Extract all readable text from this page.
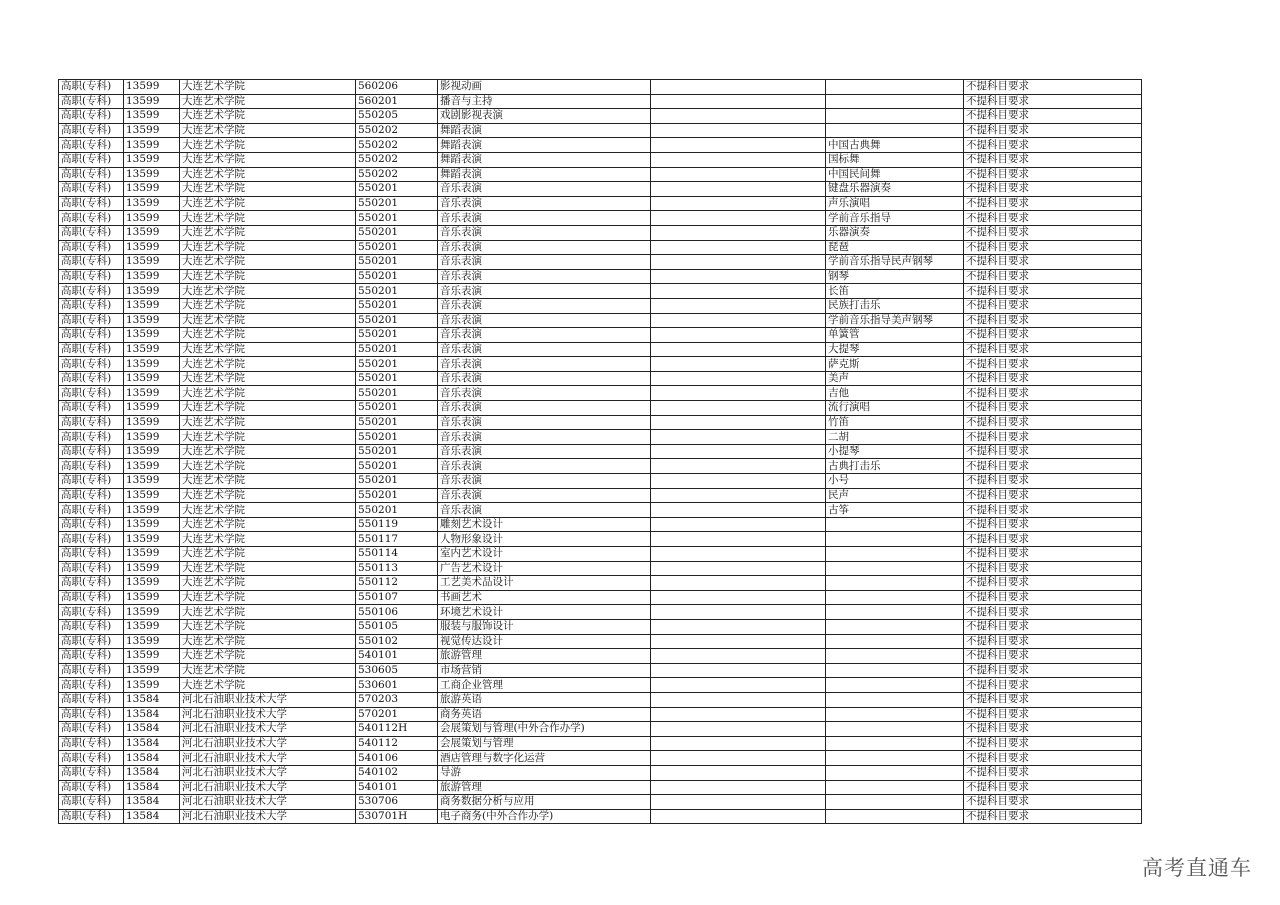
高职(专科)	13599	大连艺术学院	560206	影视动画			不提科目要求
高职(专科)	13599	大连艺术学院	560201	播音与主持			不提科目要求
高职(专科)	13599	大连艺术学院	550205	戏剧影视表演			不提科目要求
高职(专科)	13599	大连艺术学院	550202	舞蹈表演			不提科目要求
高职(专科)	13599	大连艺术学院	550202	舞蹈表演		中国古典舞	不提科目要求
高职(专科)	13599	大连艺术学院	550202	舞蹈表演		国标舞	不提科目要求
高职(专科)	13599	大连艺术学院	550202	舞蹈表演		中国民间舞	不提科目要求
高职(专科)	13599	大连艺术学院	550201	音乐表演		键盘乐器演奏	不提科目要求
高职(专科)	13599	大连艺术学院	550201	音乐表演		声乐演唱	不提科目要求
高职(专科)	13599	大连艺术学院	550201	音乐表演		学前音乐指导	不提科目要求
高职(专科)	13599	大连艺术学院	550201	音乐表演		乐器演奏	不提科目要求
高职(专科)	13599	大连艺术学院	550201	音乐表演		琵琶	不提科目要求
高职(专科)	13599	大连艺术学院	550201	音乐表演		学前音乐指导民声钢琴	不提科目要求
高职(专科)	13599	大连艺术学院	550201	音乐表演		钢琴	不提科目要求
高职(专科)	13599	大连艺术学院	550201	音乐表演		长笛	不提科目要求
高职(专科)	13599	大连艺术学院	550201	音乐表演		民族打击乐	不提科目要求
高职(专科)	13599	大连艺术学院	550201	音乐表演		学前音乐指导美声钢琴	不提科目要求
高职(专科)	13599	大连艺术学院	550201	音乐表演		单簧管	不提科目要求
高职(专科)	13599	大连艺术学院	550201	音乐表演		大提琴	不提科目要求
高职(专科)	13599	大连艺术学院	550201	音乐表演		萨克斯	不提科目要求
高职(专科)	13599	大连艺术学院	550201	音乐表演		美声	不提科目要求
高职(专科)	13599	大连艺术学院	550201	音乐表演		吉他	不提科目要求
高职(专科)	13599	大连艺术学院	550201	音乐表演		流行演唱	不提科目要求
高职(专科)	13599	大连艺术学院	550201	音乐表演		竹笛	不提科目要求
高职(专科)	13599	大连艺术学院	550201	音乐表演		二胡	不提科目要求
高职(专科)	13599	大连艺术学院	550201	音乐表演		小提琴	不提科目要求
高职(专科)	13599	大连艺术学院	550201	音乐表演		古典打击乐	不提科目要求
高职(专科)	13599	大连艺术学院	550201	音乐表演		小号	不提科目要求
高职(专科)	13599	大连艺术学院	550201	音乐表演		民声	不提科目要求
高职(专科)	13599	大连艺术学院	550201	音乐表演		古筝	不提科目要求
高职(专科)	13599	大连艺术学院	550119	雕刻艺术设计			不提科目要求
高职(专科)	13599	大连艺术学院	550117	人物形象设计			不提科目要求
高职(专科)	13599	大连艺术学院	550114	室内艺术设计			不提科目要求
高职(专科)	13599	大连艺术学院	550113	广告艺术设计			不提科目要求
高职(专科)	13599	大连艺术学院	550112	工艺美术品设计			不提科目要求
高职(专科)	13599	大连艺术学院	550107	书画艺术			不提科目要求
高职(专科)	13599	大连艺术学院	550106	环境艺术设计			不提科目要求
高职(专科)	13599	大连艺术学院	550105	服装与服饰设计			不提科目要求
高职(专科)	13599	大连艺术学院	550102	视觉传达设计			不提科目要求
高职(专科)	13599	大连艺术学院	540101	旅游管理			不提科目要求
高职(专科)	13599	大连艺术学院	530605	市场营销			不提科目要求
高职(专科)	13599	大连艺术学院	530601	工商企业管理			不提科目要求
高职(专科)	13584	河北石油职业技术大学	570203	旅游英语			不提科目要求
高职(专科)	13584	河北石油职业技术大学	570201	商务英语			不提科目要求
高职(专科)	13584	河北石油职业技术大学	540112H	会展策划与管理(中外合作办学)			不提科目要求
高职(专科)	13584	河北石油职业技术大学	540112	会展策划与管理			不提科目要求
高职(专科)	13584	河北石油职业技术大学	540106	酒店管理与数字化运营			不提科目要求
高职(专科)	13584	河北石油职业技术大学	540102	导游			不提科目要求
高职(专科)	13584	河北石油职业技术大学	540101	旅游管理			不提科目要求
高职(专科)	13584	河北石油职业技术大学	530706	商务数据分析与应用			不提科目要求
高职(专科)	13584	河北石油职业技术大学	530701H	电子商务(中外合作办学)			不提科目要求
高考直通车
